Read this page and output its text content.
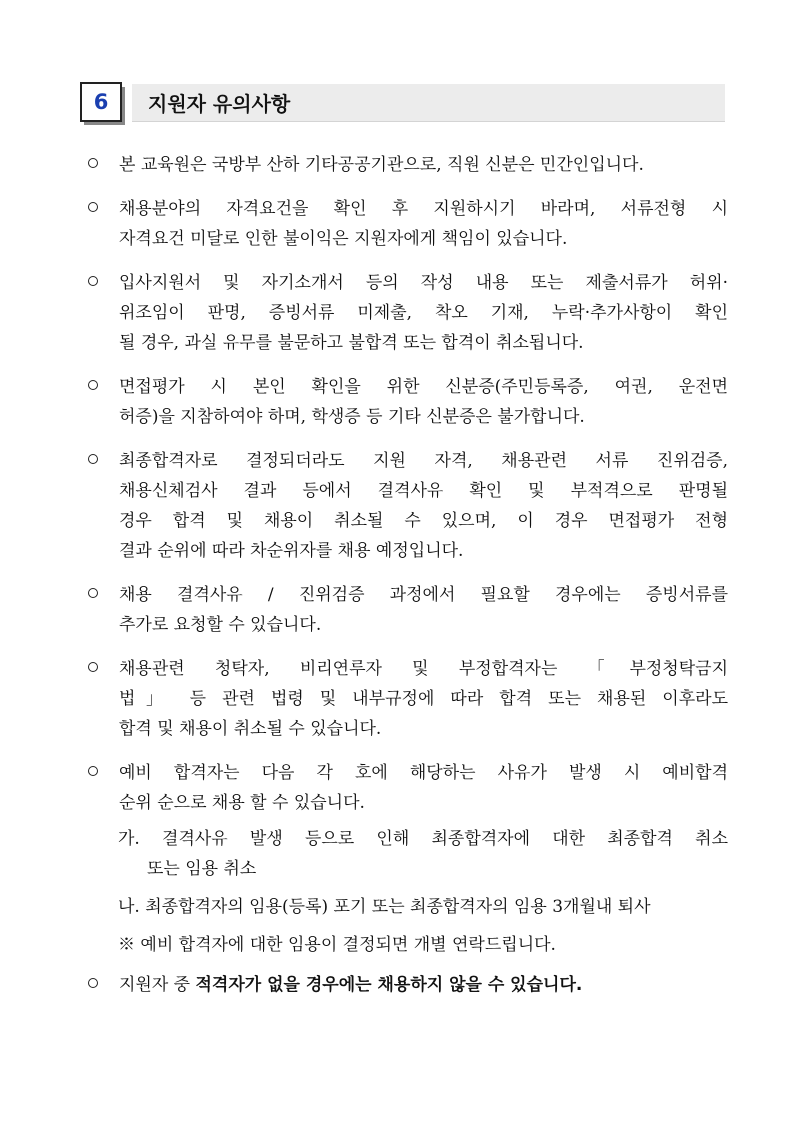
6	지원자 유의사항
본 교육원은 국방부 산하 기타공공기관으로, 직원 신분은 민간인입니다.
채용분야의 자격요건을 확인 후 지원하시기 바라며, 서류전형 시
자격요건 미달로 인한 불이익은 지원자에게 책임이 있습니다.
입사지원서 및 자기소개서 등의 작성 내용 또는 제출서류가 허위·
위조임이 판명, 증빙서류 미제출, 착오 기재, 누락·추가사항이 확인
될 경우, 과실 유무를 불문하고 불합격 또는 합격이 취소됩니다.
면접평가 시 본인 확인을 위한 신분증(주민등록증, 여권, 운전면
허증)을 지참하여야 하며, 학생증 등 기타 신분증은 불가합니다.
최종합격자로 결정되더라도 지원 자격, 채용관련 서류 진위검증,
채용신체검사 결과 등에서 결격사유 확인 및 부적격으로 판명될
경우 합격 및 채용이 취소될 수 있으며, 이 경우 면접평가 전형
결과 순위에 따라 차순위자를 채용 예정입니다.
채용 결격사유 / 진위검증 과정에서 필요할 경우에는 증빙서류를
추가로 요청할 수 있습니다.
채용관련 청탁자, 비리연루자 및 부정합격자는 「부정청탁금지
법」 등 관련 법령 및 내부규정에 따라 합격 또는 채용된 이후라도
합격 및 채용이 취소될 수 있습니다.
예비 합격자는 다음 각 호에 해당하는 사유가 발생 시 예비합격
순위 순으로 채용 할 수 있습니다.
가. 결격사유 발생 등으로 인해 최종합격자에 대한 최종합격 취소
또는 임용 취소
나. 최종합격자의 임용(등록) 포기 또는 최종합격자의 임용 3개월내 퇴사
※ 예비 합격자에 대한 임용이 결정되면 개별 연락드립니다.
지원자 중 적격자가 없을 경우에는 채용하지 않을 수 있습니다.
